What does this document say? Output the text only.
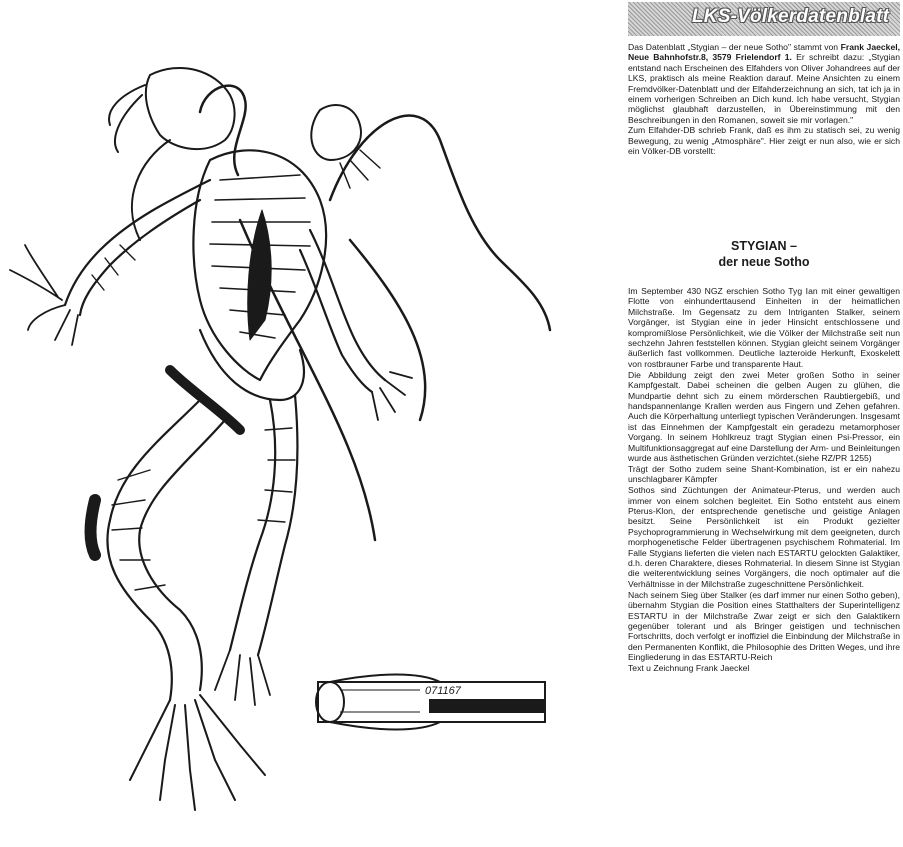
071167
LKS-Völkerdatenblatt

Das Datenblatt „Stygian – der neue Sotho" stammt von Frank Jaeckel, Neue Bahnhofstr.8, 3579 Frielendorf 1. Er schreibt dazu: „Stygian entstand nach Erscheinen des Elfahders von Oliver Johandrees auf der LKS, praktisch als meine Reaktion darauf. Meine Ansichten zu einem Fremdvölker-Datenblatt und der Elfahderzeichnung an sich, tat ich ja in einem vorherigen Schreiben an Dich kund. Ich habe versucht, Stygian möglichst glaubhaft darzustellen, in Übereinstimmung mit den Beschreibungen in den Romanen, soweit sie mir vorlagen."

Zum Elfahder-DB schrieb Frank, daß es ihm zu statisch sei, zu wenig Bewegung, zu wenig „Atmosphäre". Hier zeigt er nun also, wie er sich ein Völker-DB vorstellt:

STYGIAN –
der neue Sotho

Im September 430 NGZ erschien Sotho Tyg Ian mit einer gewaltigen Flotte von einhunderttausend Einheiten in der heimatlichen Milchstraße. Im Gegensatz zu dem Intriganten Stalker, seinem Vorgänger, ist Stygian eine in jeder Hinsicht entschlossene und kompromißlose Persönlichkeit, wie die Völker der Milchstraße seit nun sechzehn Jahren feststellen können. Stygian gleicht seinem Vorgänger äußerlich fast vollkommen. Deutliche lazteroide Herkunft, Exoskelett von rostbrauner Farbe und transparente Haut.

Die Abbildung zeigt den zwei Meter großen Sotho in seiner Kampfgestalt. Dabei scheinen die gelben Augen zu glühen, die Mundpartie dehnt sich zu einem mörderschen Raubtiergebiß, und handspannenlange Krallen werden aus Fingern und Zehen gefahren. Auch die Körperhaltung unterliegt typischen Veränderungen. Insgesamt ist das Einnehmen der Kampfgestalt ein geradezu metamorphoser Vorgang. In seinem Hohlkreuz tragt Stygian einen Psi-Pressor, ein Multifunktionsaggregat auf eine Darstellung der Arm- und Beinleitungen wurde aus ästhetischen Gründen verzichtet.(siehe RZ/PR 1255)

Trägt der Sotho zudem seine Shant-Kombination, ist er ein nahezu unschlagbarer Kämpfer

Sothos sind Züchtungen der Animateur-Pterus, und werden auch immer von einem solchen begleitet. Ein Sotho entsteht aus einem Pterus-Klon, der entsprechende genetische und geistige Anlagen besitzt. Seine Persönlichkeit ist ein Produkt gezielter Psychoprogrammierung in Wechselwirkung mit dem geeigneten, durch morphogenetische Felder übertragenen psychischem Rohmaterial. Im Falle Stygians lieferten die vielen nach ESTARTU gelockten Galaktiker, d.h. deren Charaktere, dieses Rohmaterial. In diesem Sinne ist Stygian die weiterentwicklung seines Vorgängers, die noch optimaler auf die Verhältnisse in der Milchstraße zugeschnittene Persönlichkeit.

Nach seinem Sieg über Stalker (es darf immer nur einen Sotho geben), übernahm Stygian die Position eines Statthalters der Superintelligenz ESTARTU in der Milchstraße Zwar zeigt er sich den Galaktikern gegenüber tolerant und als Bringer geistigen und technischen Fortschritts, doch verfolgt er inoffiziel die Einbindung der Milchstraße in den Permanenten Konflikt, die Philosophie des Dritten Weges, und ihre Eingliederung in das ESTARTU-Reich

Text u Zeichnung Frank Jaeckel
